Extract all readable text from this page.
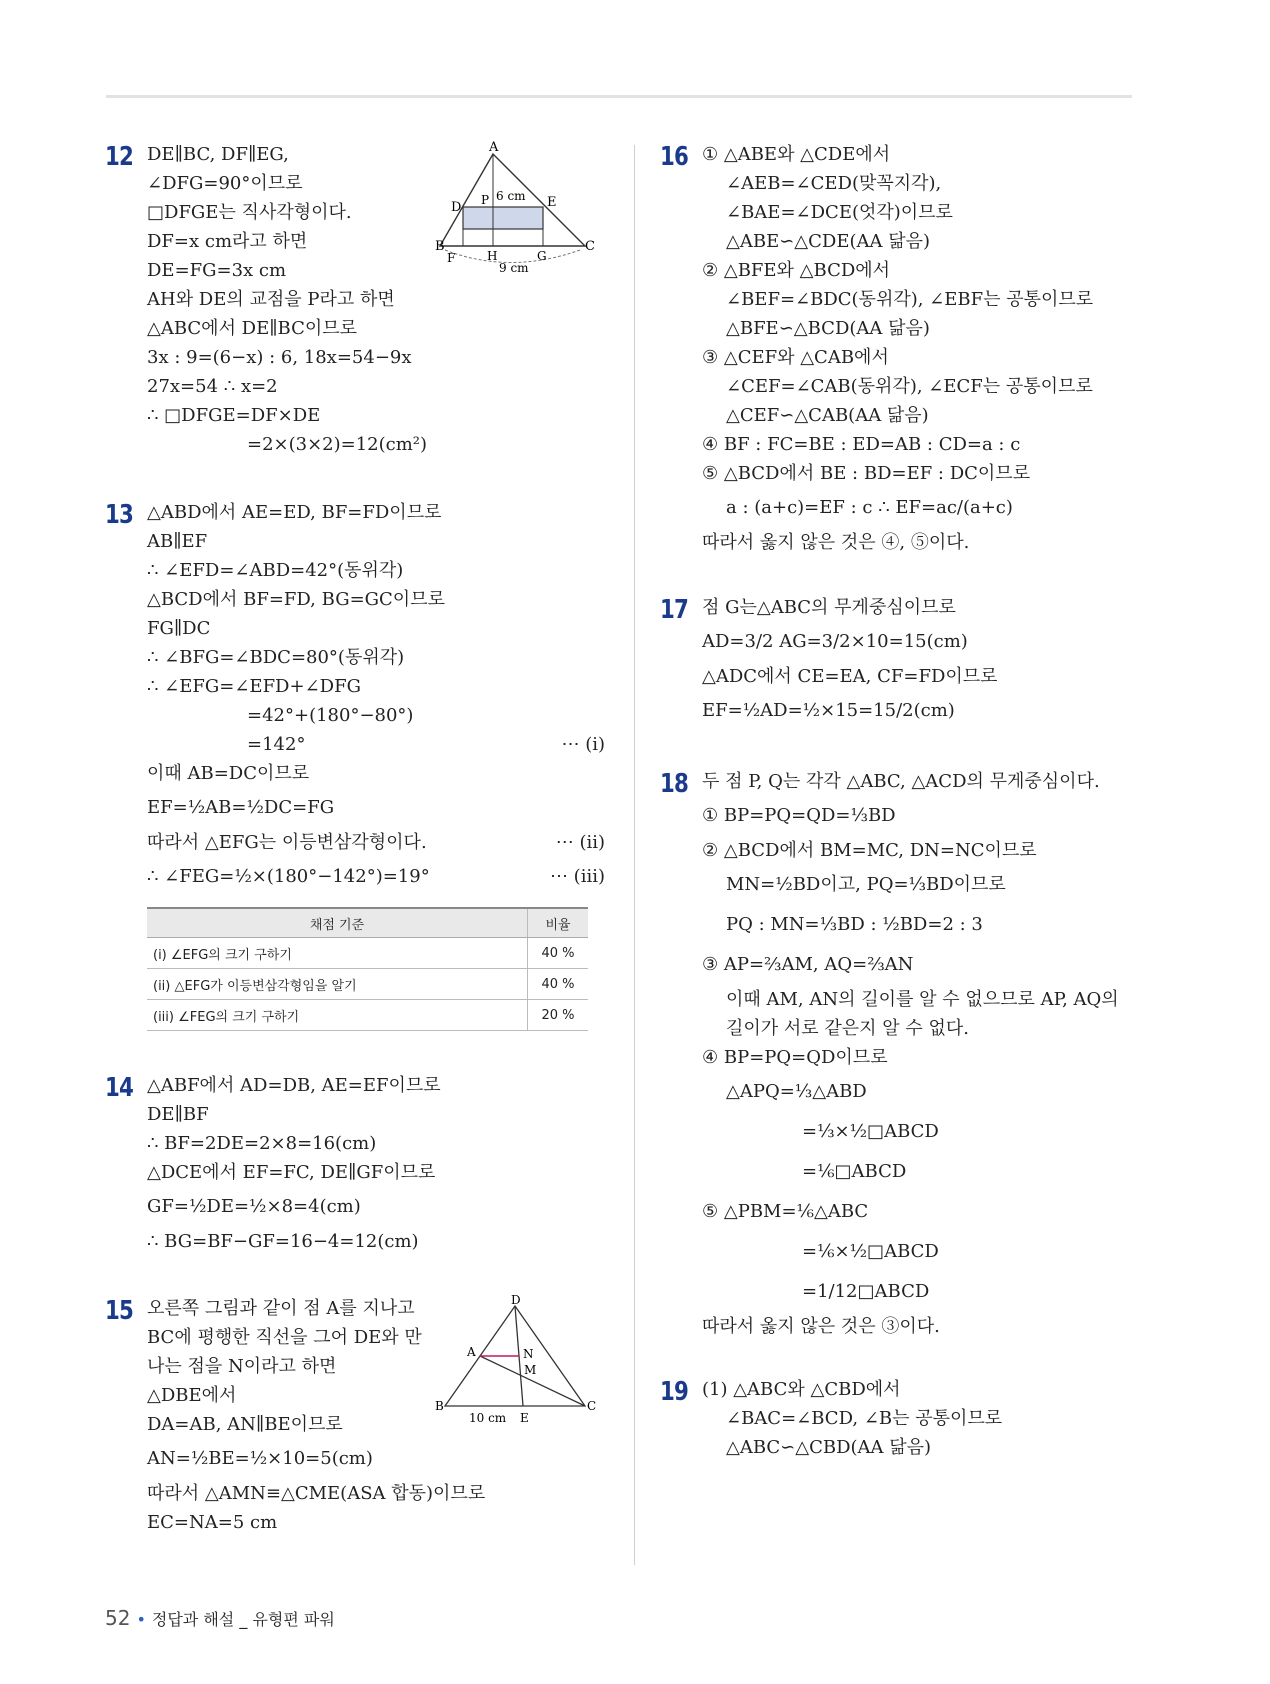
12 DE∥BC, DF∥EG,
∠DFG=90°이므로
□DFGE는 직사각형이다.
DF=x cm라고 하면
DE=FG=3x cm
AH와 DE의 교점을 P라고 하면
△ABC에서 DE∥BC이므로
3x : 9=(6−x) : 6, 18x=54−9x
27x=54 ∴ x=2
∴ □DFGE=DF×DE
=2×(3×2)=12(cm²)
A
D P	E
B
H	G
C
F
6 cm
9 cm
13 △ABD에서 AE=ED, BF=FD이므로
AB∥EF
∴ ∠EFD=∠ABD=42°(동위각)
△BCD에서 BF=FD, BG=GC이므로
FG∥DC
∴ ∠BFG=∠BDC=80°(동위각)
∴ ∠EFG=∠EFD+∠DFG
=42°+(180°−80°)
=142°	⋯ (i)
이때 AB=DC이므로
EF=½AB=½DC=FG
따라서 △EFG는 이등변삼각형이다.	⋯ (ii)
∴ ∠FEG=½×(180°−142°)=19°	⋯ (iii)
채점 기준	비율
(i) ∠EFG의 크기 구하기	40 %
(ii) △EFG가 이등변삼각형임을 알기	40 %
(iii) ∠FEG의 크기 구하기	20 %
14 △ABF에서 AD=DB, AE=EF이므로
DE∥BF
∴ BF=2DE=2×8=16(cm)
△DCE에서 EF=FC, DE∥GF이므로
GF=½DE=½×8=4(cm)
∴ BG=BF−GF=16−4=12(cm)
15 오른쪽 그림과 같이 점 A를 지나고
BC에 평행한 직선을 그어 DE와 만
나는 점을 N이라고 하면
△DBE에서
DA=AB, AN∥BE이므로
AN=½BE=½×10=5(cm)
따라서 △AMN≡△CME(ASA 합동)이므로
EC=NA=5 cm
D
A	N
M
B	C
E
10 cm
16 ① △ABE와 △CDE에서
∠AEB=∠CED(맞꼭지각),
∠BAE=∠DCE(엇각)이므로
△ABE∽△CDE(AA 닮음)
② △BFE와 △BCD에서
∠BEF=∠BDC(동위각), ∠EBF는 공통이므로
△BFE∽△BCD(AA 닮음)
③ △CEF와 △CAB에서
∠CEF=∠CAB(동위각), ∠ECF는 공통이므로
△CEF∽△CAB(AA 닮음)
④ BF : FC=BE : ED=AB : CD=a : c
⑤ △BCD에서 BE : BD=EF : DC이므로
a : (a+c)=EF : c ∴ EF=ac/(a+c)
따라서 옳지 않은 것은 ④, ⑤이다.
17 점 G는△ABC의 무게중심이므로
AD=3/2 AG=3/2×10=15(cm)
△ADC에서 CE=EA, CF=FD이므로
EF=½AD=½×15=15/2(cm)
18 두 점 P, Q는 각각 △ABC, △ACD의 무게중심이다.
① BP=PQ=QD=⅓BD
② △BCD에서 BM=MC, DN=NC이므로
MN=½BD이고, PQ=⅓BD이므로
PQ : MN=⅓BD : ½BD=2 : 3
③ AP=⅔AM, AQ=⅔AN
이때 AM, AN의 길이를 알 수 없으므로 AP, AQ의
길이가 서로 같은지 알 수 없다.
④ BP=PQ=QD이므로
△APQ=⅓△ABD
=⅓×½□ABCD
=⅙□ABCD
⑤ △PBM=⅙△ABC
=⅙×½□ABCD
=1/12□ABCD
따라서 옳지 않은 것은 ③이다.
19 (1) △ABC와 △CBD에서
∠BAC=∠BCD, ∠B는 공통이므로
△ABC∽△CBD(AA 닮음)
52 • 정답과 해설 _ 유형편 파워
